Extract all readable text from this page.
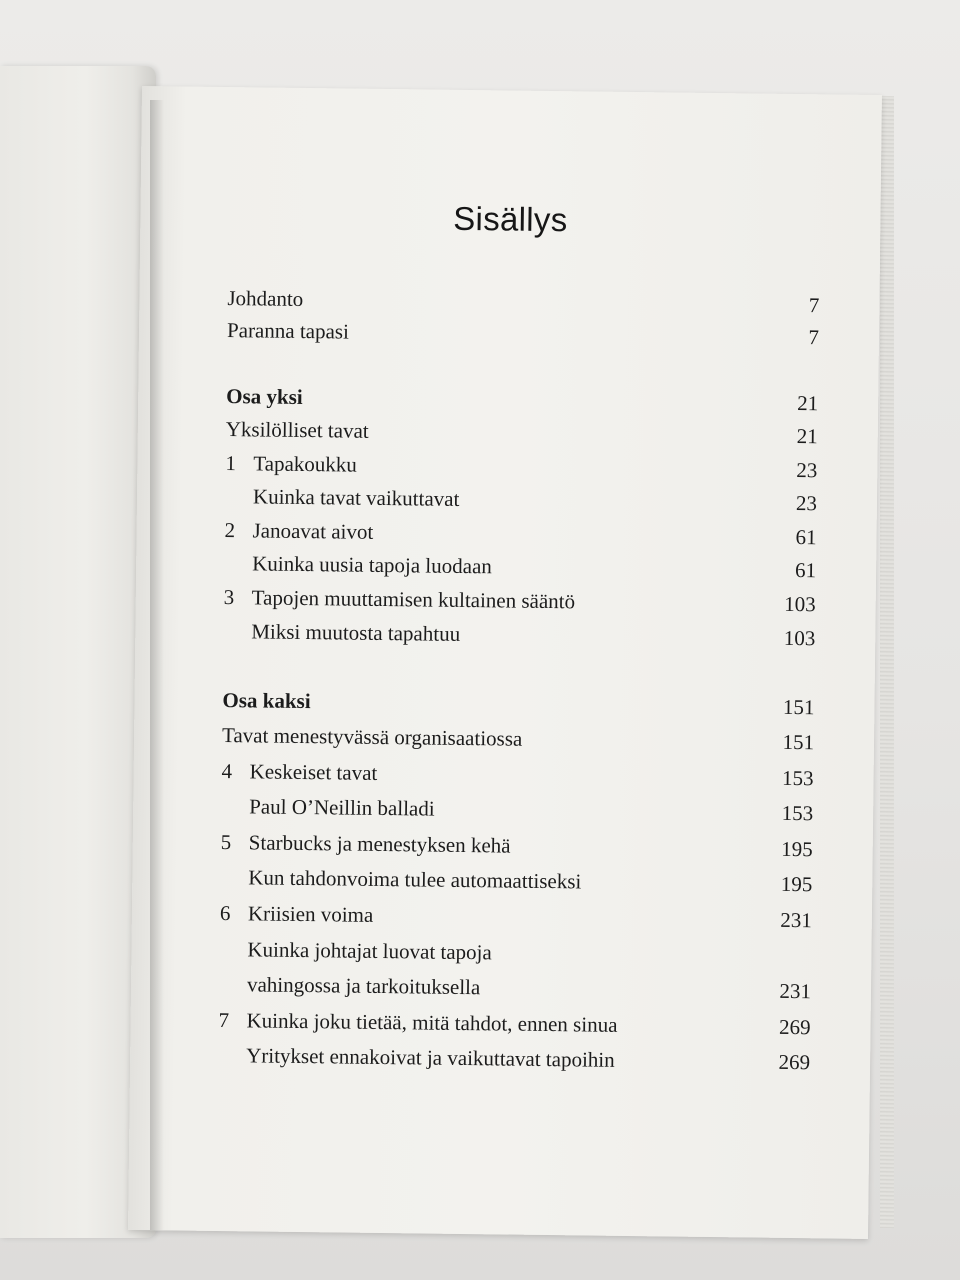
Sisällys
Johdanto	7
Paranna tapasi	7
Osa yksi	21
Yksilölliset tavat	21
1 Tapakoukku	23
Kuinka tavat vaikuttavat	23
2 Janoavat aivot	61
Kuinka uusia tapoja luodaan	61
3 Tapojen muuttamisen kultainen sääntö	103
Miksi muutosta tapahtuu	103
Osa kaksi	151
Tavat menestyvässä organisaatiossa	151
4 Keskeiset tavat	153
Paul O’Neillin balladi	153
5 Starbucks ja menestyksen kehä	195
Kun tahdonvoima tulee automaattiseksi	195
6 Kriisien voima	231
Kuinka johtajat luovat tapoja
vahingossa ja tarkoituksella	231
7 Kuinka joku tietää, mitä tahdot, ennen sinua	269
Yritykset ennakoivat ja vaikuttavat tapoihin	269
